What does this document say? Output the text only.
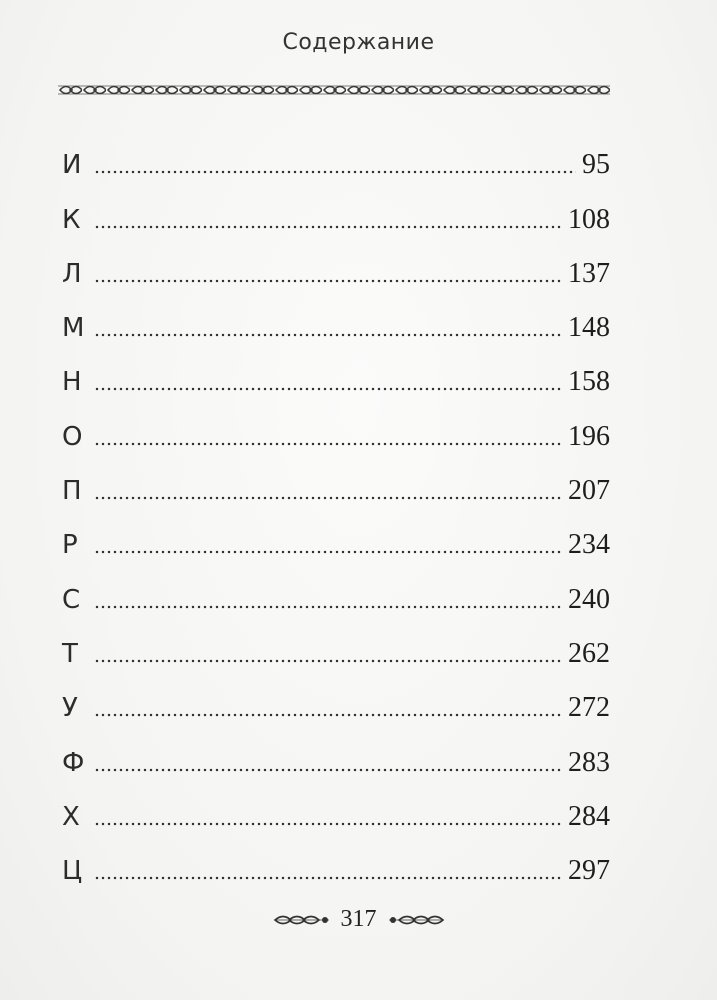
Содержание
И	95
К	108
Л	137
М	148
Н	158
О	196
П	207
Р	234
С	240
Т	262
У	272
Ф	283
Х	284
Ц	297
317
